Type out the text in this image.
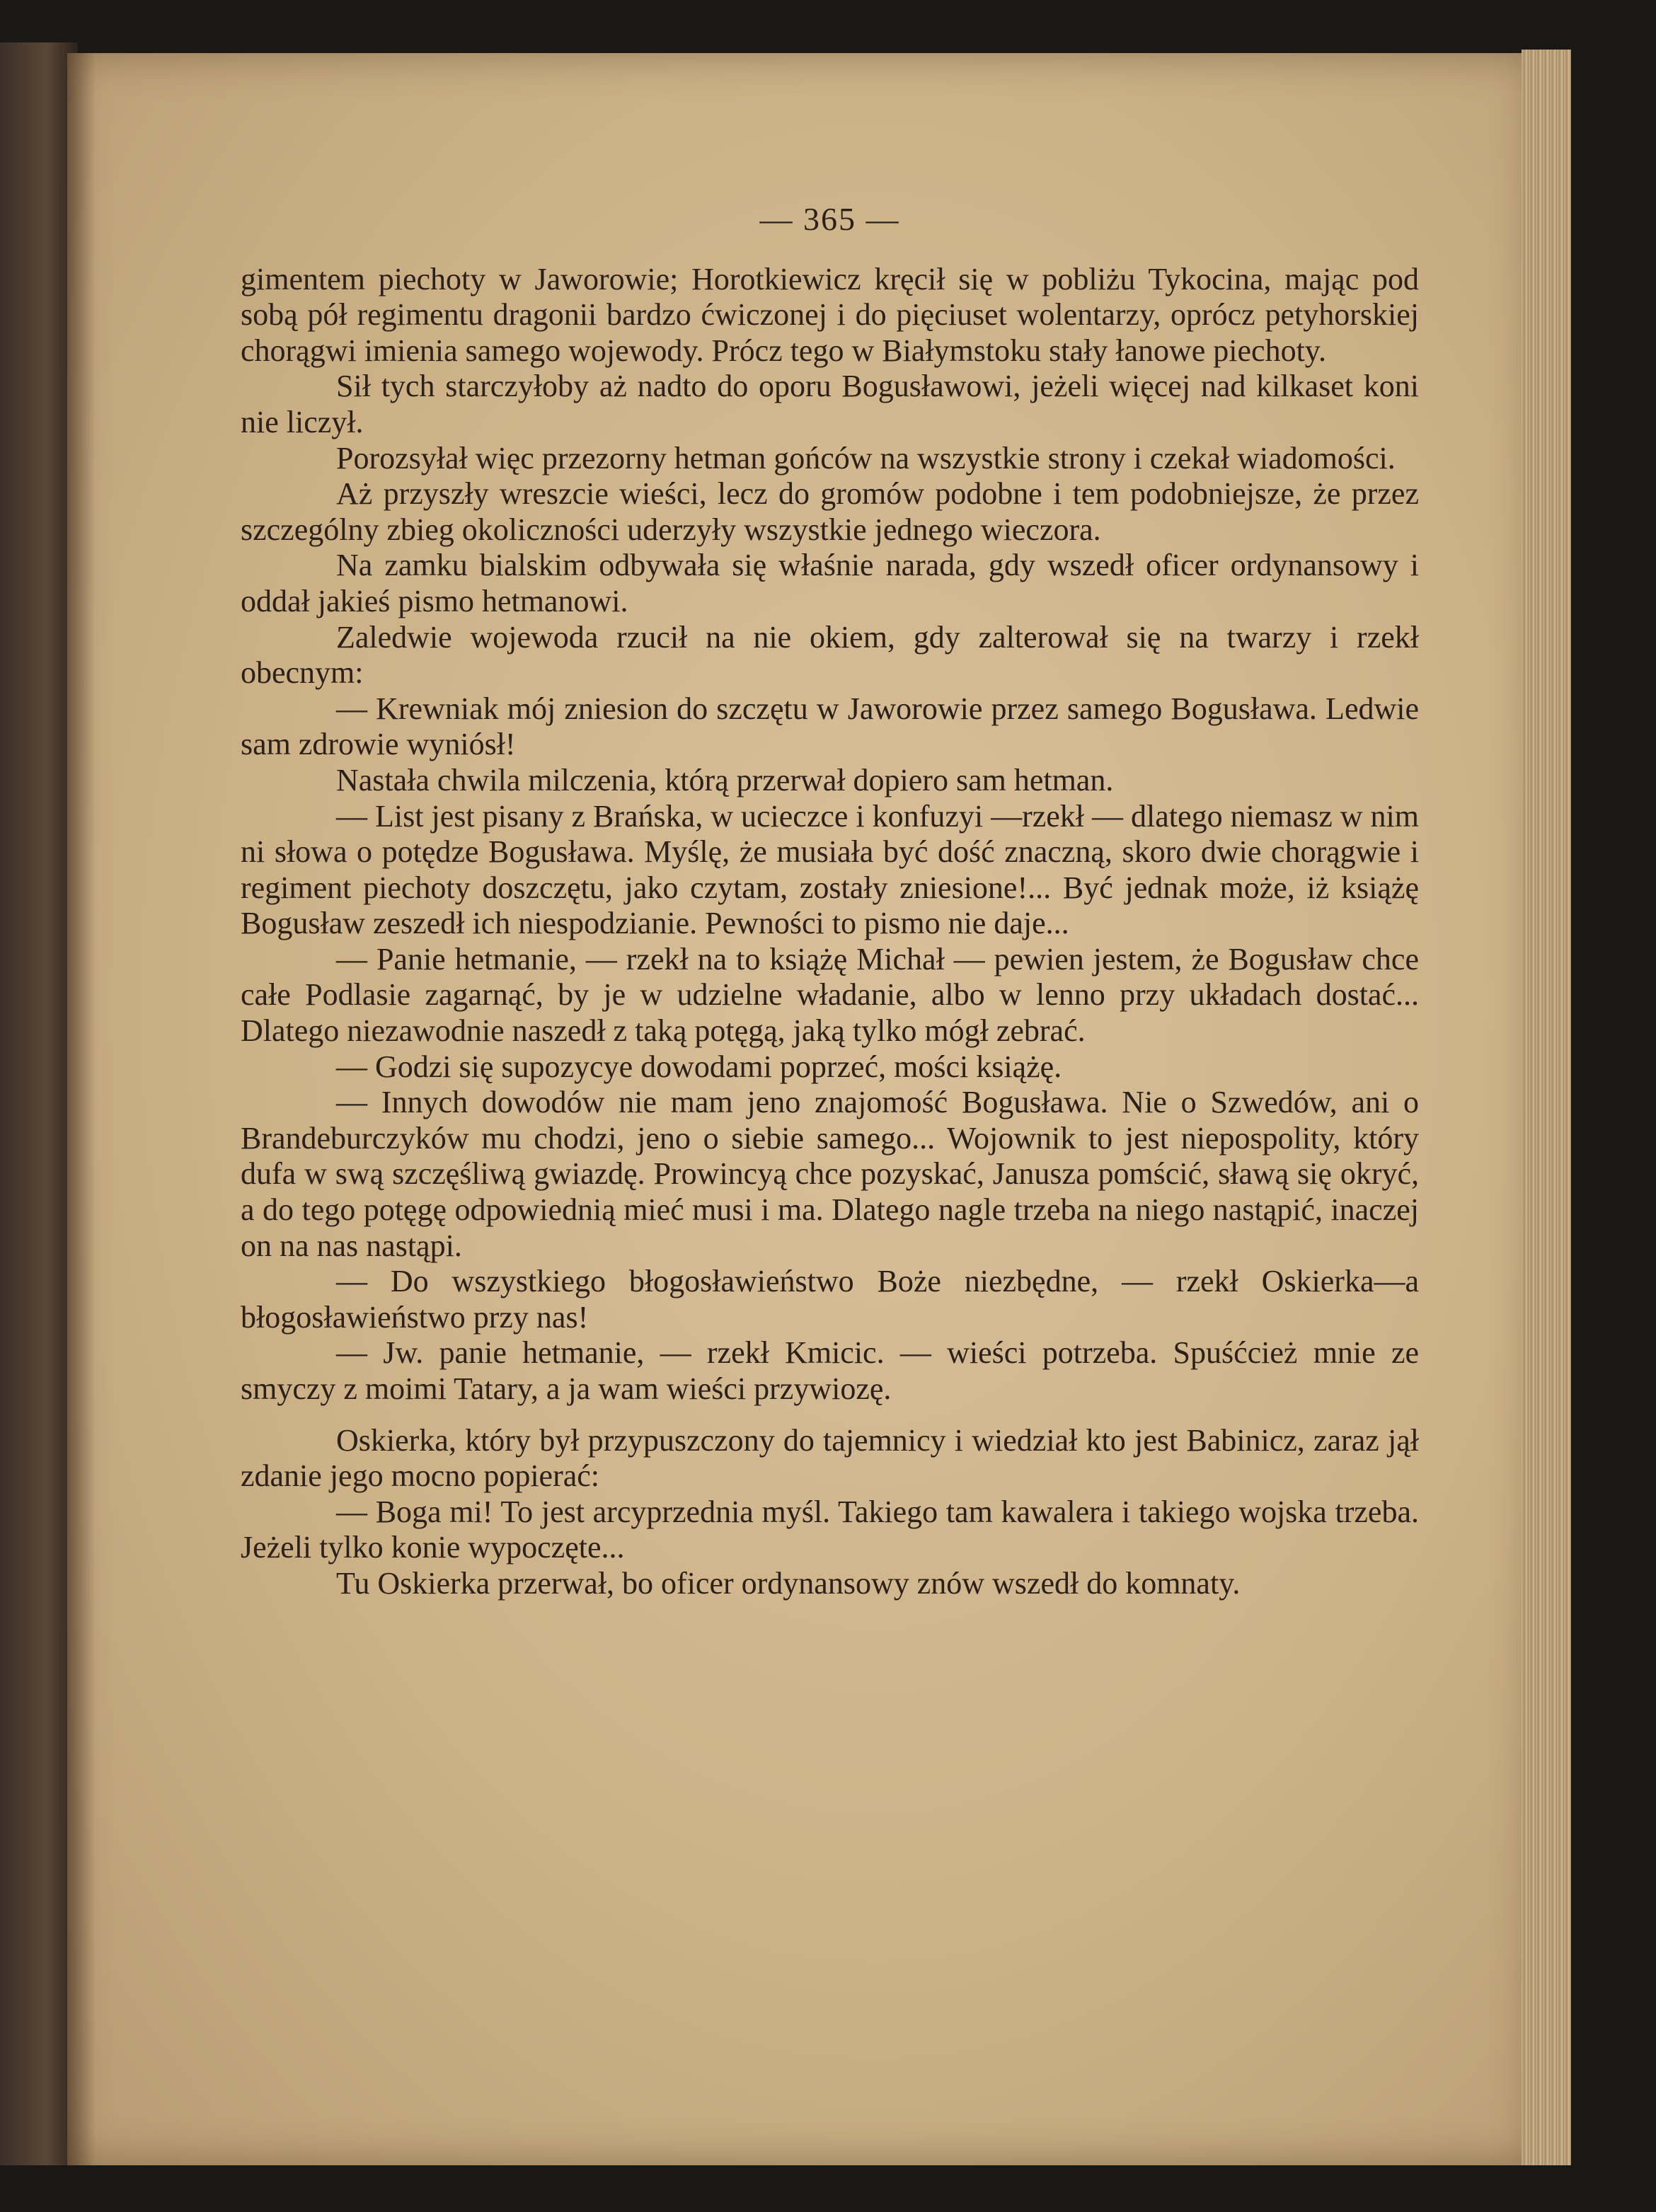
— 365 —

gimentem piechoty w Jaworowie; Horotkiewicz kręcił się w pobliżu Tykocina, mając pod sobą pół regimentu dragonii bardzo ćwiczonej i do pięciuset wolentarzy, oprócz petyhorskiej chorągwi imienia samego wojewody. Prócz tego w Białymstoku stały łanowe piechoty.

Sił tych starczyłoby aż nadto do oporu Bogusławowi, jeżeli więcej nad kilkaset koni nie liczył.

Porozsyłał więc przezorny hetman gońców na wszystkie strony i czekał wiadomości.

Aż przyszły wreszcie wieści, lecz do gromów podobne i tem podobniejsze, że przez szczególny zbieg okoliczności uderzyły wszystkie jednego wieczora.

Na zamku bialskim odbywała się właśnie narada, gdy wszedł oficer ordynansowy i oddał jakieś pismo hetmanowi.

Zaledwie wojewoda rzucił na nie okiem, gdy zalterował się na twarzy i rzekł obecnym:

— Krewniak mój zniesion do szczętu w Jaworowie przez samego Bogusława. Ledwie sam zdrowie wyniósł!

Nastała chwila milczenia, którą przerwał dopiero sam hetman.

— List jest pisany z Brańska, w ucieczce i konfuzyi —rzekł — dlatego niemasz w nim ni słowa o potędze Bogusława. Myślę, że musiała być dość znaczną, skoro dwie chorągwie i regiment piechoty doszczętu, jako czytam, zostały zniesione!... Być jednak może, iż książę Bogusław zeszedł ich niespodzianie. Pewności to pismo nie daje...

— Panie hetmanie, — rzekł na to książę Michał — pewien jestem, że Bogusław chce całe Podlasie zagarnąć, by je w udzielne władanie, albo w lenno przy układach dostać... Dlatego niezawodnie naszedł z taką potęgą, jaką tylko mógł zebrać.

— Godzi się supozycye dowodami poprzeć, mości książę.

— Innych dowodów nie mam jeno znajomość Bogusława. Nie o Szwedów, ani o Brandeburczyków mu chodzi, jeno o siebie samego... Wojownik to jest niepospolity, który dufa w swą szczęśliwą gwiazdę. Prowincyą chce pozyskać, Janusza pomścić, sławą się okryć, a do tego potęgę odpowiednią mieć musi i ma. Dlatego nagle trzeba na niego nastąpić, inaczej on na nas nastąpi.

— Do wszystkiego błogosławieństwo Boże niezbędne, — rzekł Oskierka—a błogosławieństwo przy nas!

— Jw. panie hetmanie, — rzekł Kmicic. — wieści potrzeba. Spuśćcież mnie ze smyczy z moimi Tatary, a ja wam wieści przywiozę.

Oskierka, który był przypuszczony do tajemnicy i wiedział kto jest Babinicz, zaraz jął zdanie jego mocno popierać:

— Boga mi! To jest arcyprzednia myśl. Takiego tam kawalera i takiego wojska trzeba. Jeżeli tylko konie wypoczęte...

Tu Oskierka przerwał, bo oficer ordynansowy znów wszedł do komnaty.
